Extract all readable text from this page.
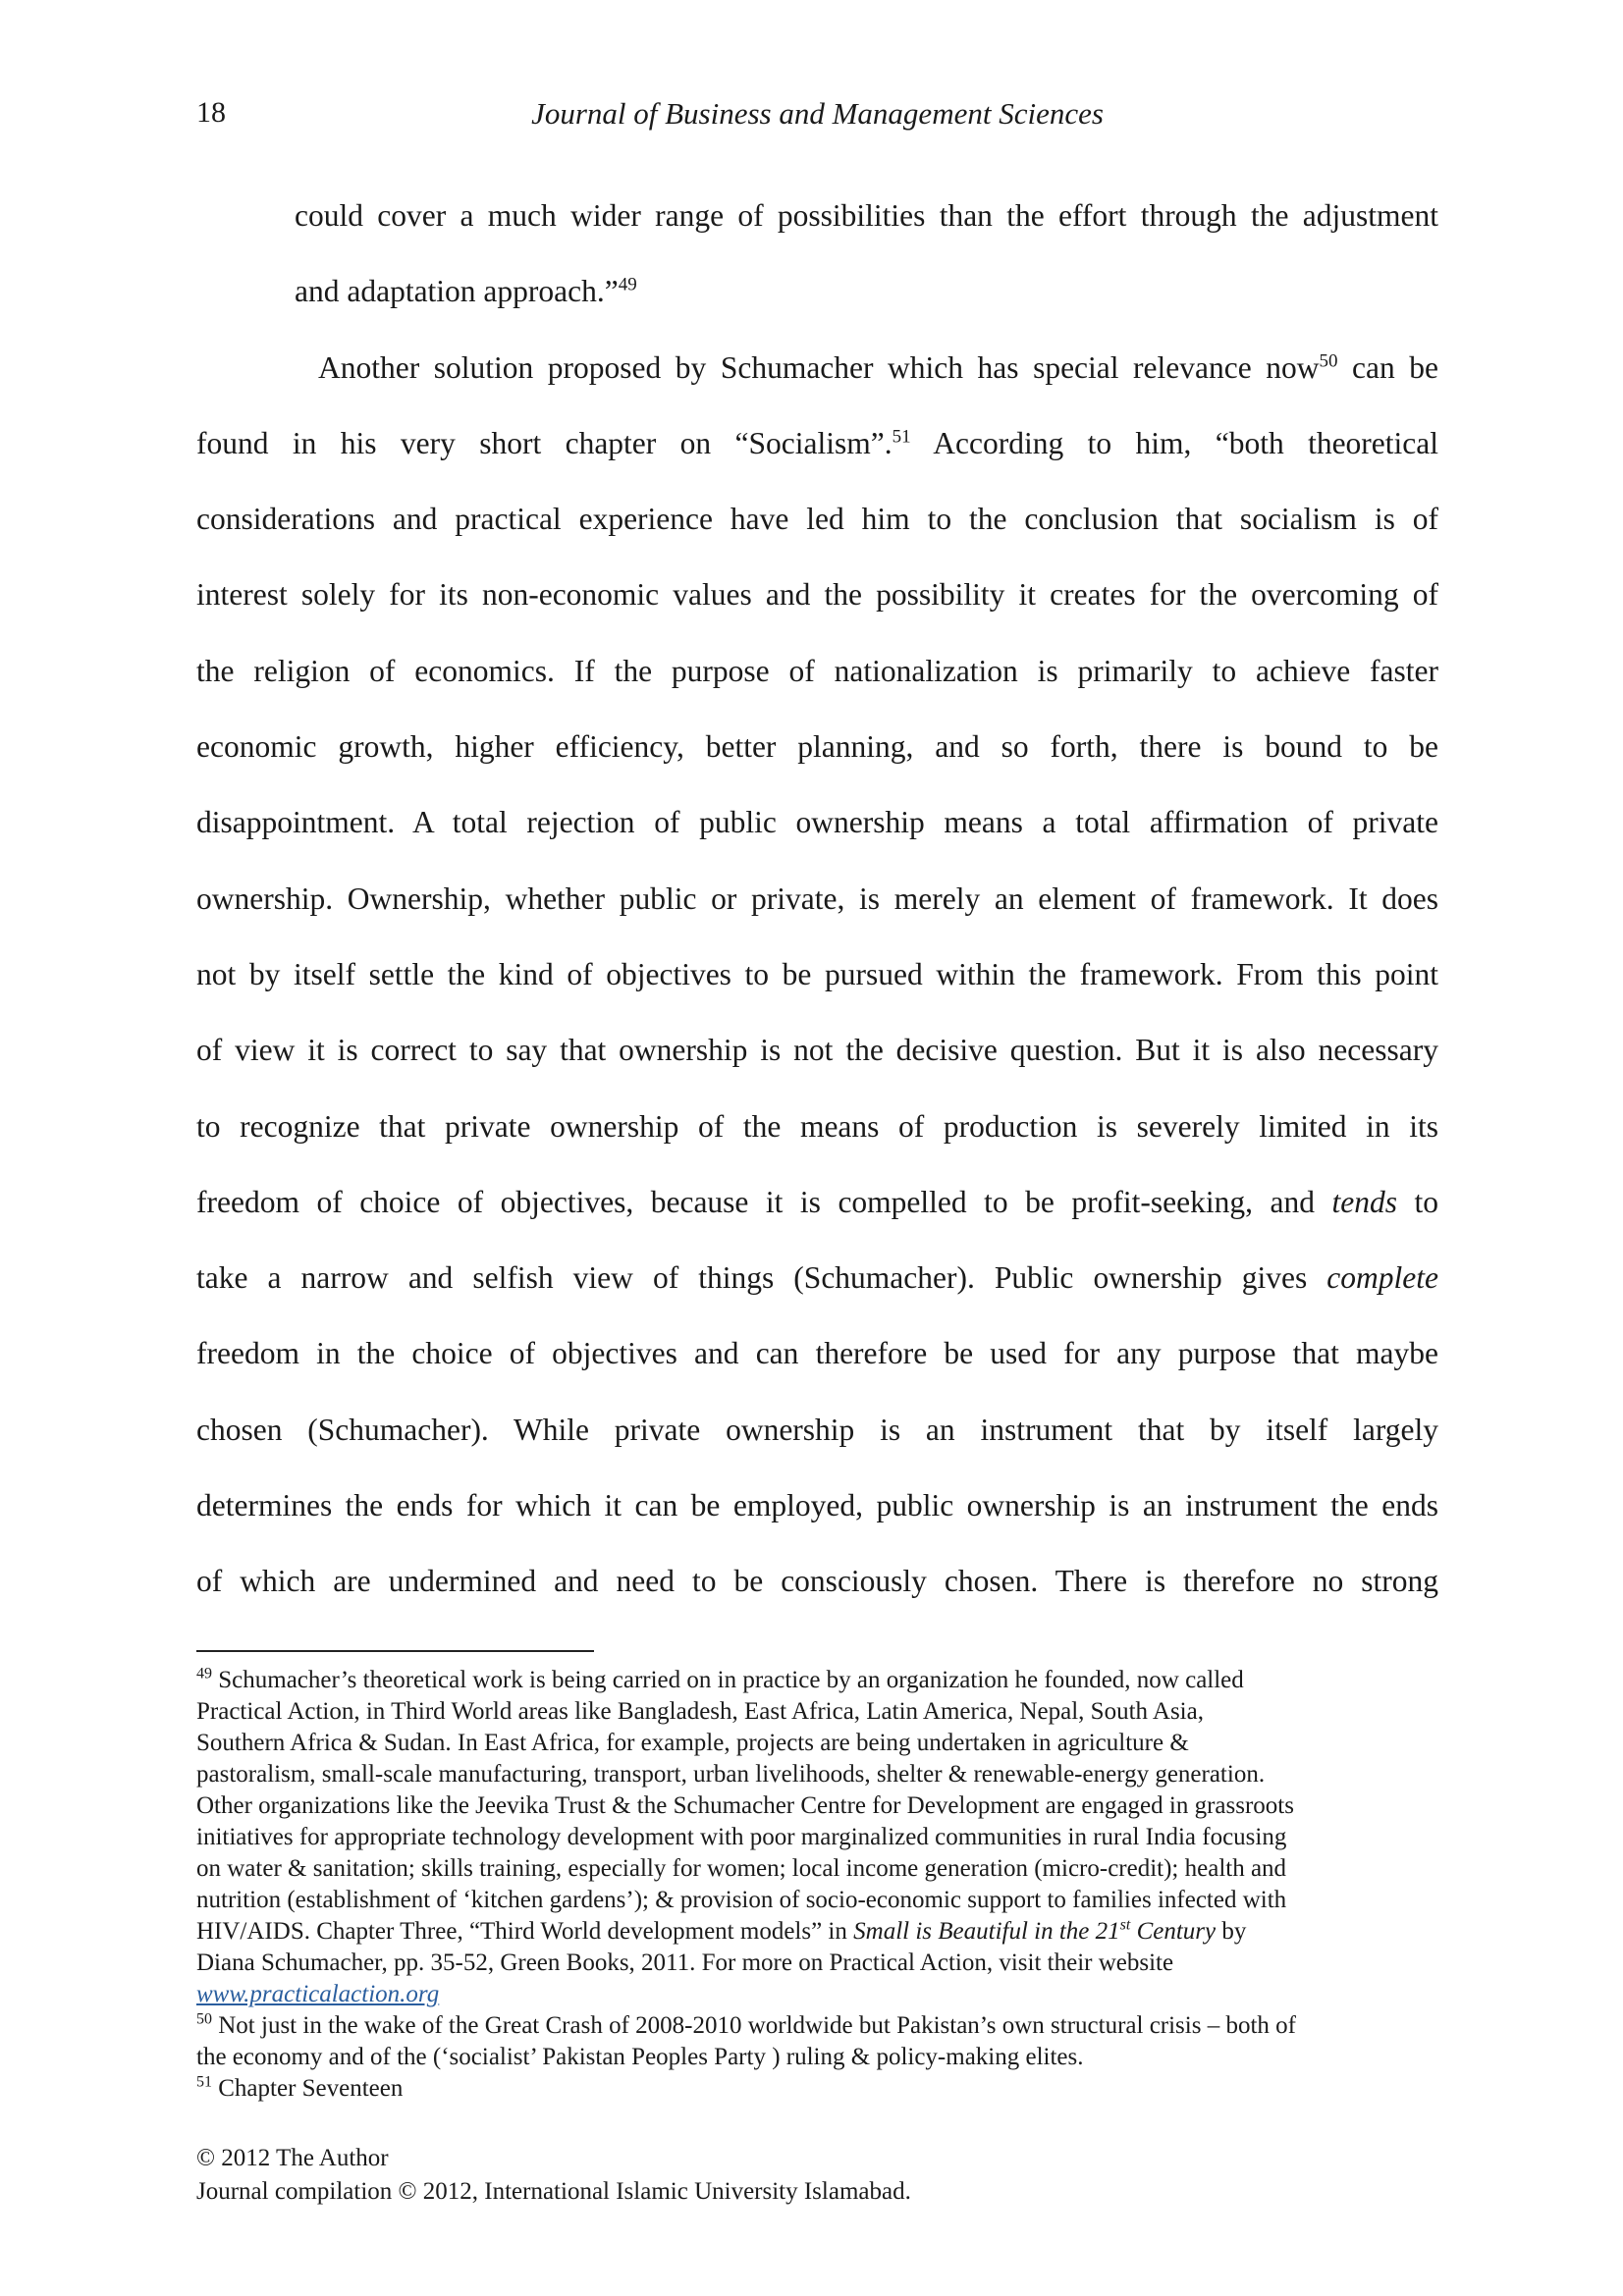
18	Journal of Business and Management Sciences
could cover a much wider range of possibilities than the effort through the adjustment
and adaptation approach.”$^{49}$
Another solution proposed by Schumacher which has special relevance now$^{50}$ can be
found in his very short chapter on “Socialism”.$^{51}$ According to him, “both theoretical
considerations and practical experience have led him to the conclusion that socialism is of
interest solely for its non-economic values and the possibility it creates for the overcoming of
the religion of economics. If the purpose of nationalization is primarily to achieve faster
economic growth, higher efficiency, better planning, and so forth, there is bound to be
disappointment. A total rejection of public ownership means a total affirmation of private
ownership. Ownership, whether public or private, is merely an element of framework. It does
not by itself settle the kind of objectives to be pursued within the framework. From this point
of view it is correct to say that ownership is not the decisive question. But it is also necessary
to recognize that private ownership of the means of production is severely limited in its
freedom of choice of objectives, because it is compelled to be profit-seeking, and tends to
take a narrow and selfish view of things (Schumacher). Public ownership gives complete
freedom in the choice of objectives and can therefore be used for any purpose that maybe
chosen (Schumacher). While private ownership is an instrument that by itself largely
determines the ends for which it can be employed, public ownership is an instrument the ends
of which are undermined and need to be consciously chosen. There is therefore no strong
$^{49}$ Schumacher’s theoretical work is being carried on in practice by an organization he founded, now called
Practical Action, in Third World areas like Bangladesh, East Africa, Latin America, Nepal, South Asia,
Southern Africa & Sudan. In East Africa, for example, projects are being undertaken in agriculture &
pastoralism, small-scale manufacturing, transport, urban livelihoods, shelter & renewable-energy generation.
Other organizations like the Jeevika Trust & the Schumacher Centre for Development are engaged in grassroots
initiatives for appropriate technology development with poor marginalized communities in rural India focusing
on water & sanitation; skills training, especially for women; local income generation (micro-credit); health and
nutrition (establishment of ‘kitchen gardens’); & provision of socio-economic support to families infected with
HIV/AIDS. Chapter Three, “Third World development models” in Small is Beautiful in the 21st Century by
Diana Schumacher, pp. 35-52, Green Books, 2011. For more on Practical Action, visit their website
www.practicalaction.org
$^{50}$ Not just in the wake of the Great Crash of 2008-2010 worldwide but Pakistan’s own structural crisis – both of
the economy and of the (‘socialist’ Pakistan Peoples Party ) ruling & policy-making elites.
$^{51}$ Chapter Seventeen
© 2012 The Author
Journal compilation © 2012, International Islamic University Islamabad.
